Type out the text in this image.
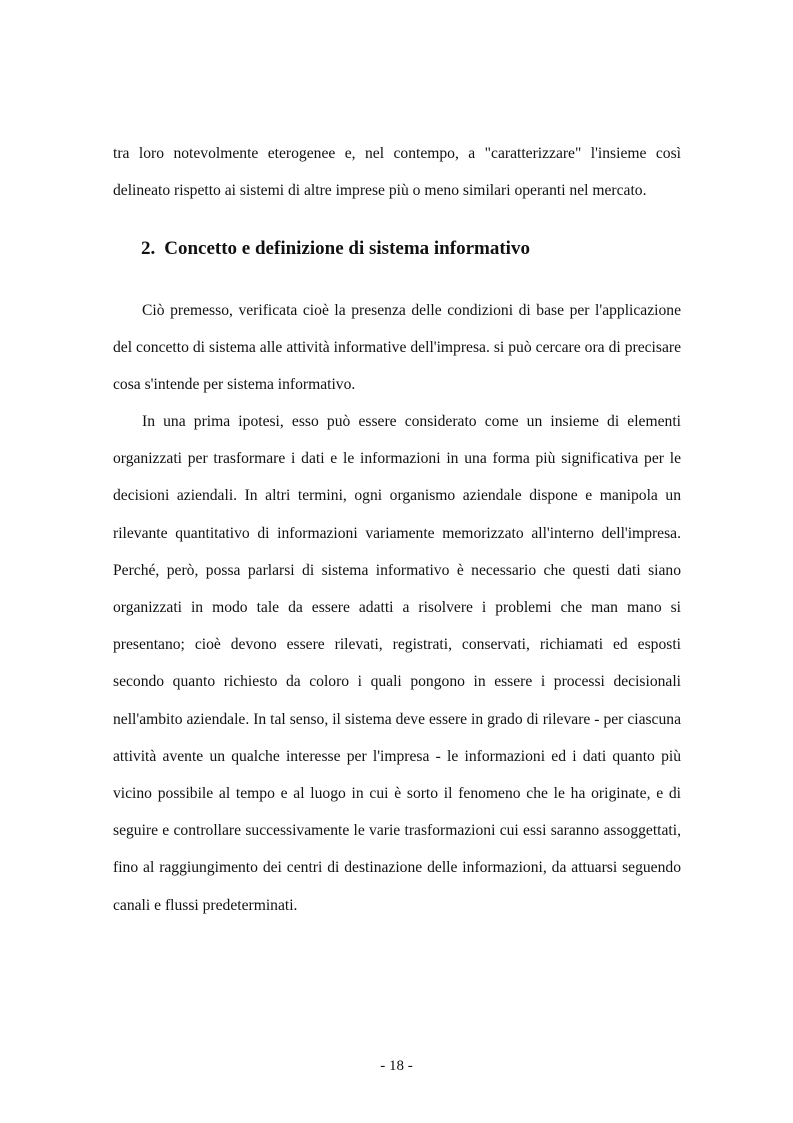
tra loro notevolmente eterogenee e, nel contempo, a "caratterizzare" l'insieme così delineato rispetto ai sistemi di altre imprese più o meno similari operanti nel mercato.

2. Concetto e definizione di sistema informativo

Ciò premesso, verificata cioè la presenza delle condizioni di base per l'applicazione del concetto di sistema alle attività informative dell'impresa. si può cercare ora di precisare cosa s'intende per sistema informativo.

In una prima ipotesi, esso può essere considerato come un insieme di elementi organizzati per trasformare i dati e le informazioni in una forma più significativa per le decisioni aziendali. In altri termini, ogni organismo aziendale dispone e manipola un rilevante quantitativo di informazioni variamente memorizzato all'interno dell'impresa. Perché, però, possa parlarsi di sistema informativo è necessario che questi dati siano organizzati in modo tale da essere adatti a risolvere i problemi che man mano si presentano; cioè devono essere rilevati, registrati, conservati, richiamati ed esposti secondo quanto richiesto da coloro i quali pongono in essere i processi decisionali nell'ambito aziendale. In tal senso, il sistema deve essere in grado di rilevare - per ciascuna attività avente un qualche interesse per l'impresa - le informazioni ed i dati quanto più vicino possibile al tempo e al luogo in cui è sorto il fenomeno che le ha originate, e di seguire e controllare successivamente le varie trasformazioni cui essi saranno assoggettati, fino al raggiungimento dei centri di destinazione delle informazioni, da attuarsi seguendo canali e flussi predeterminati.

- 18 -
